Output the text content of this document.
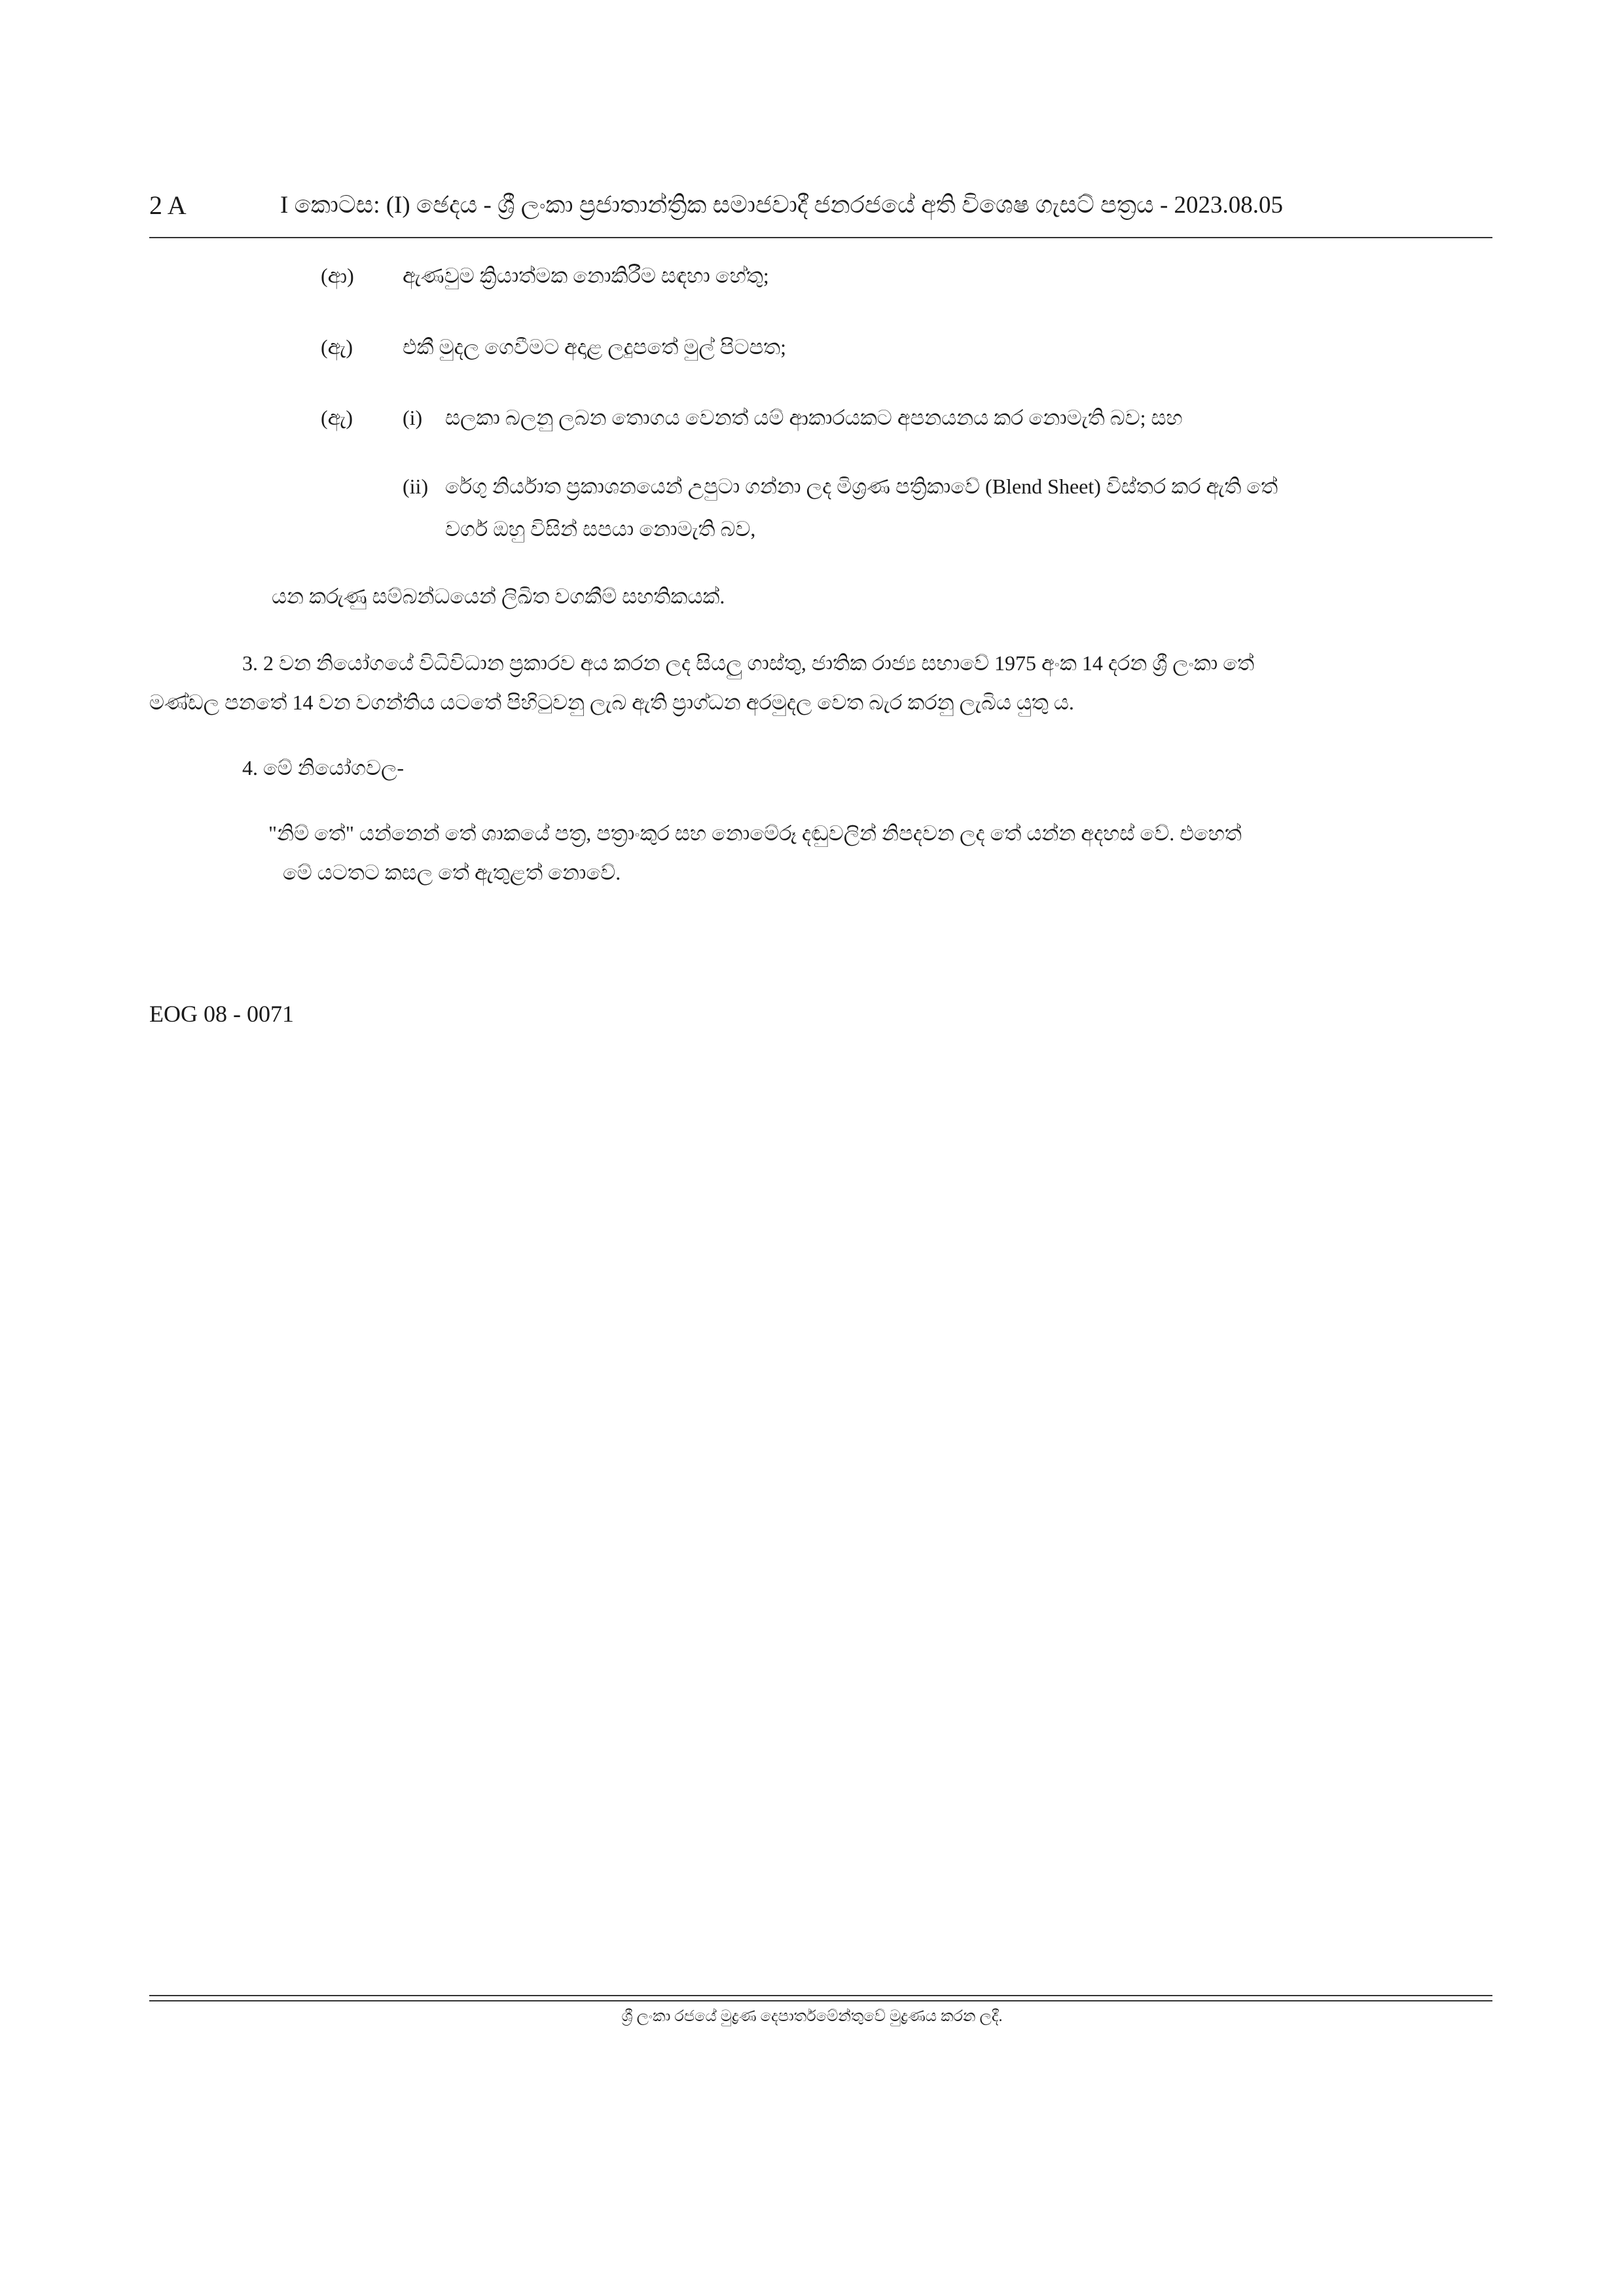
2 A	I කොටස: (I) ඡෙදය - ශ්‍රී ලංකා ප්‍රජාතාන්ත්‍රික සමාජවාදී ජනරජයේ අති විශෙෂ ගැසට් පත්‍රය - 2023.08.05
(ආ) ඇණවුම ක්‍රියාත්මක නොකිරීම සඳහා හේතු;
(ඇ) එකී මුදල ගෙවීමට අදාළ ලදුපතේ මුල් පිටපත;
(ඇ) (i) සලකා බලනු ලබන තොගය වෙනත් යම් ආකාරයකට අපනයනය කර නොමැති බව; සහ
(ii) රේගු නිර්යාත ප්‍රකාශනයෙන් උපුටා ගන්නා ලද මිශ්‍රණ පත්‍රිකාවේ (Blend Sheet) විස්තර කර ඇති තේ
වර්ග ඔහු විසින් සපයා නොමැති බව,
යන කරුණු සම්බන්ධයෙන් ලිඛිත වගකීම් සහතිකයක්.
3. 2 වන නියෝගයේ විධිවිධාන ප්‍රකාරව අය කරන ලද සියලු ගාස්තු, ජාතික රාජ්‍ය සභාවේ 1975 අංක 14 දරන ශ්‍රී ලංකා තේ
මණ්ඩල පනතේ 14 වන වගන්තිය යටතේ පිහිටුවනු ලැබ ඇති ප්‍රාග්ධන අරමුදල වෙත බැර කරනු ලැබිය යුතු ය.
4. මේ නියෝගවල-
"නිම් තේ" යන්නෙන් තේ ශාකයේ පත්‍ර, පත්‍රාංකුර සහ නොමේරූ දඬුවලින් නිපදවන ලද තේ යන්න අදහස් වේ. එහෙත්
මේ යටතට කසල තේ ඇතුළත් නොවේ.
EOG 08 - 0071
ශ්‍රී ලංකා රජයේ මුද්‍රණ දෙපාර්තමේන්තුවේ මුද්‍රණය කරන ලදී.
